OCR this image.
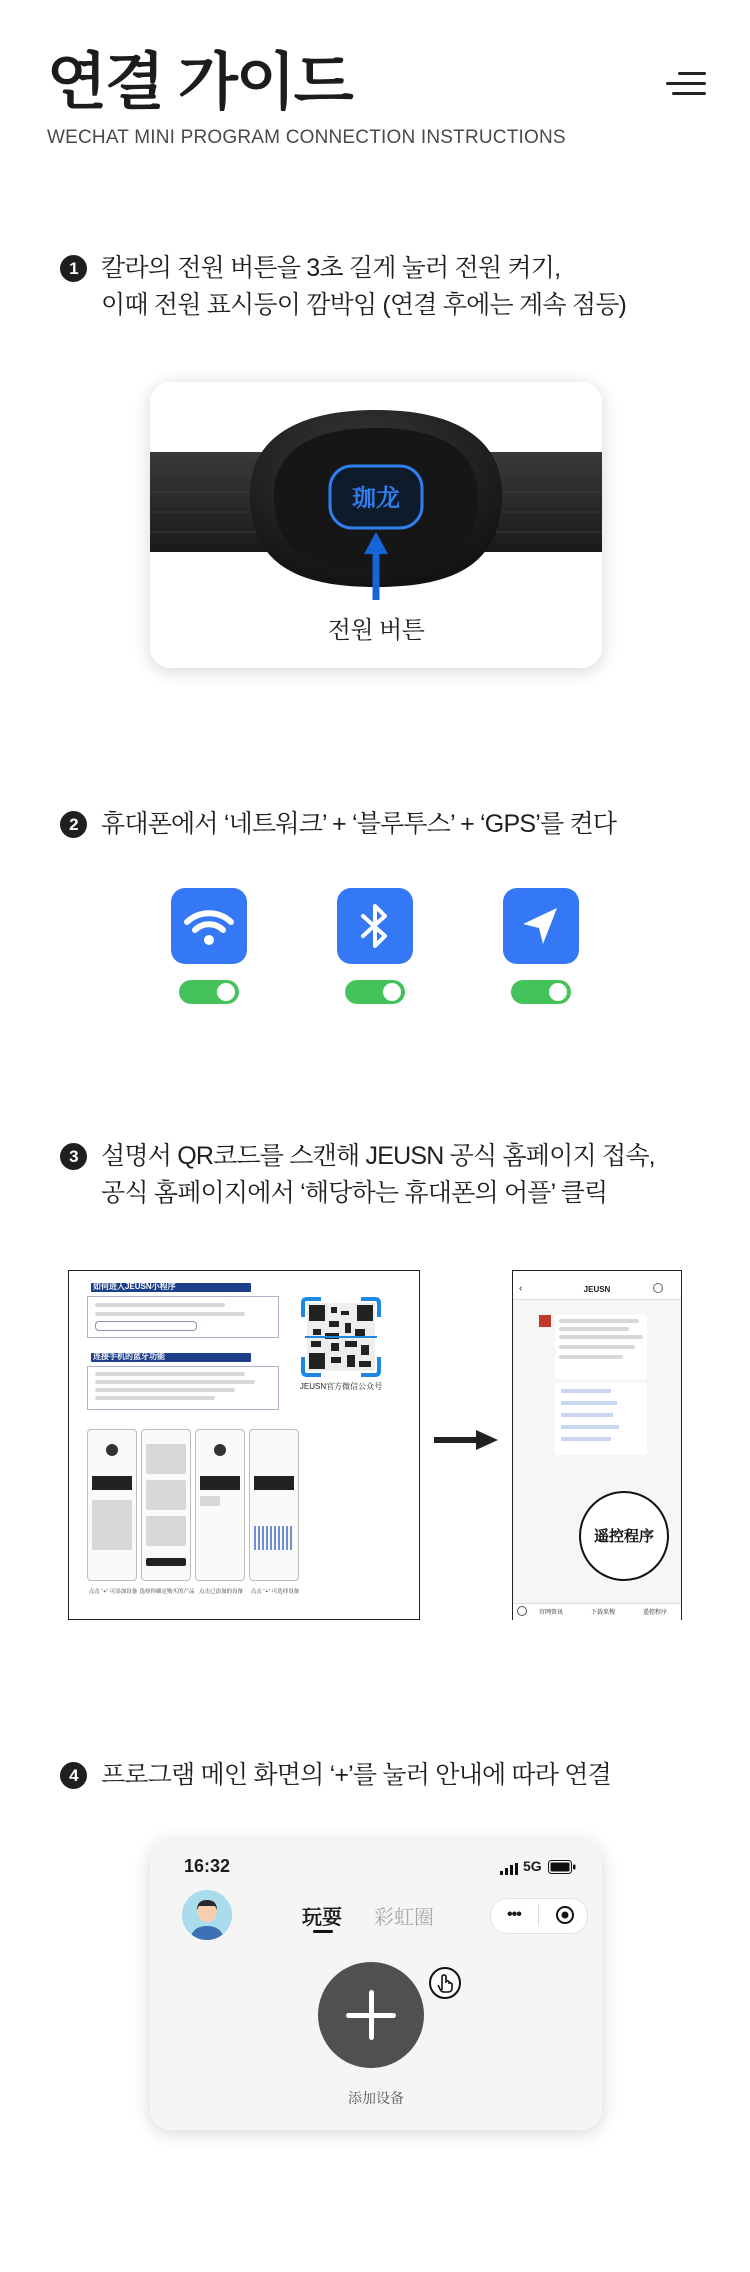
연결 가이드
WECHAT MINI PROGRAM CONNECTION INSTRUCTIONS
1 칼라의 전원 버튼을 3초 길게 눌러 전원 켜기,
이때 전원 표시등이 깜박임 (연결 후에는 계속 점등)
珈龙
전원 버튼
2 휴대폰에서 ‘네트워크’ + ‘블루투스’ + ‘GPS’를 켠다
3 설명서 QR코드를 스캔해 JEUSN 공식 홈페이지 접속,
공식 홈페이지에서 ‘해당하는 휴대폰의 어플’ 클릭
如何进入JEUSN小程序
连接手机的蓝牙功能
JEUSN官方微信公众号
点击 “+” 可添加设备 选择你确定购买的产品 点击已添加的设备	点击 “+” 可选择设备
‹	JEUSN
遥控程序
官网资讯	下载来搜	遥控程序
4 프로그램 메인 화면의 ‘+’를 눌러 안내에 따라 연결
16:32	5G
玩耍 彩虹圈	•••
添加设备
